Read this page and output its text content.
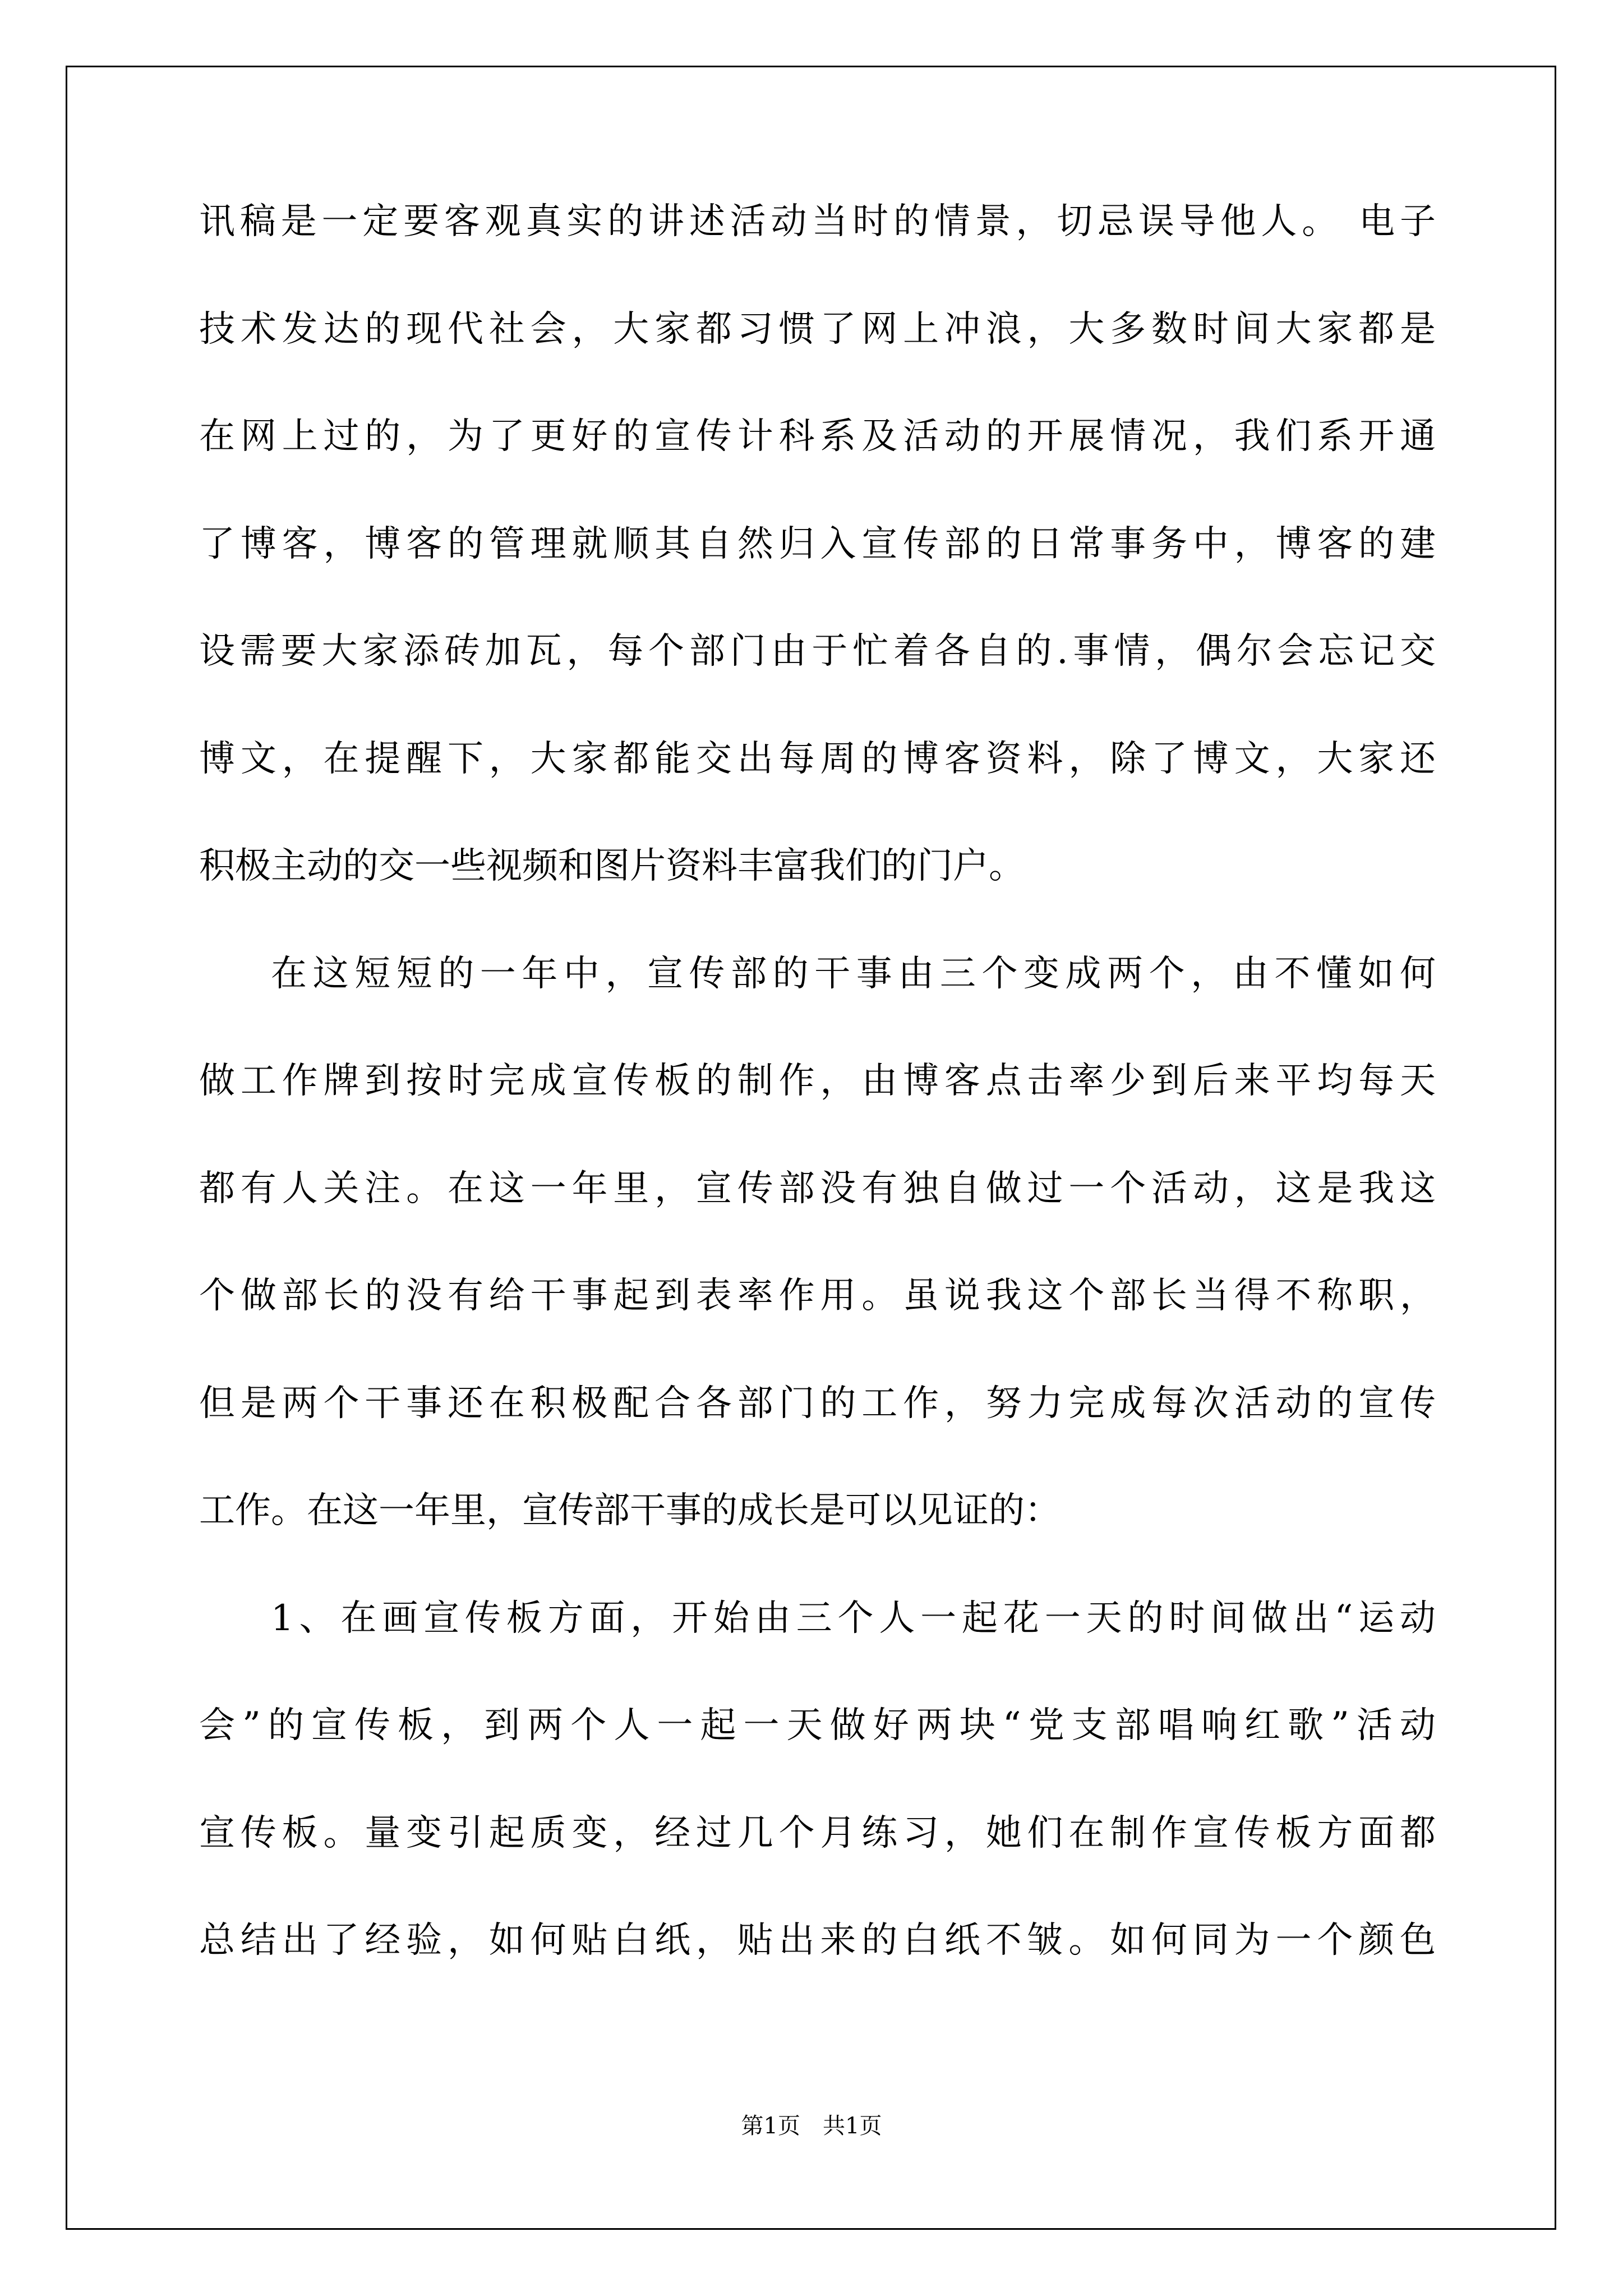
讯稿是一定要客观真实的讲述活动当时的情景，切忌误导他人。 电子
技术发达的现代社会，大家都习惯了网上冲浪，大多数时间大家都是
在网上过的，为了更好的宣传计科系及活动的开展情况，我们系开通
了博客，博客的管理就顺其自然归入宣传部的日常事务中，博客的建
设需要大家添砖加瓦，每个部门由于忙着各自的.事情，偶尔会忘记交
博文，在提醒下，大家都能交出每周的博客资料，除了博文，大家还
积极主动的交一些视频和图片资料丰富我们的门户。
在这短短的一年中，宣传部的干事由三个变成两个，由不懂如何
做工作牌到按时完成宣传板的制作，由博客点击率少到后来平均每天
都有人关注。在这一年里，宣传部没有独自做过一个活动，这是我这
个做部长的没有给干事起到表率作用。虽说我这个部长当得不称职，
但是两个干事还在积极配合各部门的工作，努力完成每次活动的宣传
工作。在这一年里，宣传部干事的成长是可以见证的：
1、在画宣传板方面，开始由三个人一起花一天的时间做出“运动
会”的宣传板，到两个人一起一天做好两块“党支部唱响红歌”活动
宣传板。量变引起质变，经过几个月练习，她们在制作宣传板方面都
总结出了经验，如何贴白纸，贴出来的白纸不皱。如何同为一个颜色
第1页　共1页
